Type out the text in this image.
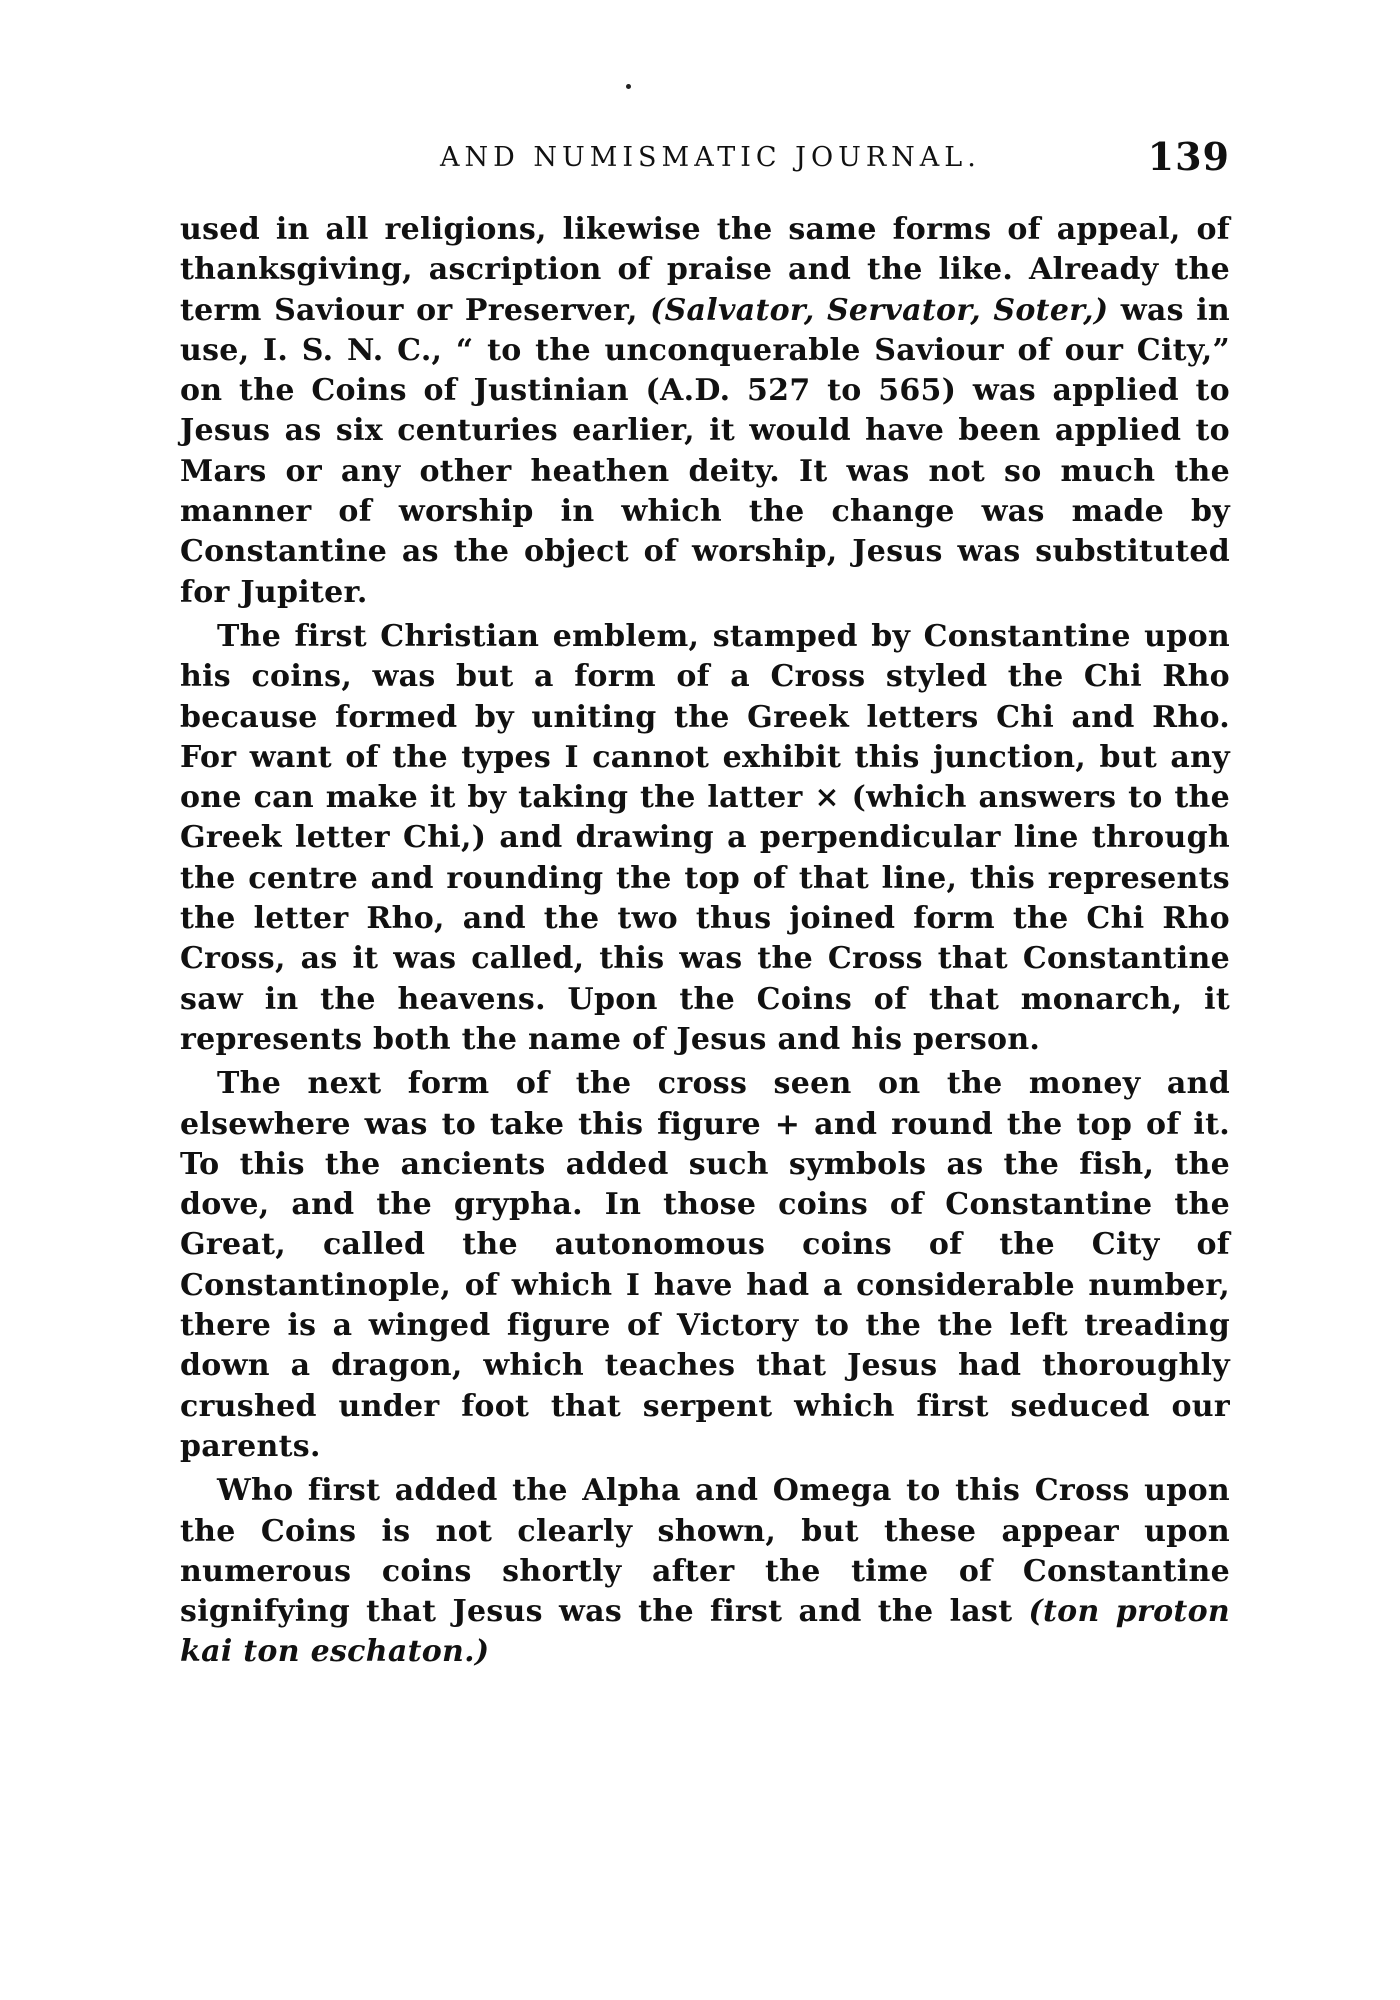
AND NUMISMATIC JOURNAL.	139

used in all religions, likewise the same forms of appeal, of thanksgiving, ascription of praise and the like. Already the term Saviour or Preserver, (Salvator, Servator, Soter,) was in use, I. S. N. C., “ to the unconquerable Saviour of our City,” on the Coins of Justinian (A.D. 527 to 565) was applied to Jesus as six centuries earlier, it would have been applied to Mars or any other heathen deity. It was not so much the manner of worship in which the change was made by Constantine as the object of worship, Jesus was substituted for Jupiter.

The first Christian emblem, stamped by Constantine upon his coins, was but a form of a Cross styled the Chi Rho because formed by uniting the Greek letters Chi and Rho. For want of the types I cannot exhibit this junction, but any one can make it by taking the latter × (which answers to the Greek letter Chi,) and drawing a perpendicular line through the centre and rounding the top of that line, this represents the letter Rho, and the two thus joined form the Chi Rho Cross, as it was called, this was the Cross that Constantine saw in the heavens. Upon the Coins of that monarch, it represents both the name of Jesus and his person.

The next form of the cross seen on the money and elsewhere was to take this figure + and round the top of it. To this the ancients added such symbols as the fish, the dove, and the grypha. In those coins of Constantine the Great, called the autonomous coins of the City of Constantinople, of which I have had a considerable number, there is a winged figure of Victory to the the left treading down a dragon, which teaches that Jesus had thoroughly crushed under foot that serpent which first seduced our parents.

Who first added the Alpha and Omega to this Cross upon the Coins is not clearly shown, but these appear upon numerous coins shortly after the time of Constantine signifying that Jesus was the first and the last (ton proton kai ton eschaton.)
